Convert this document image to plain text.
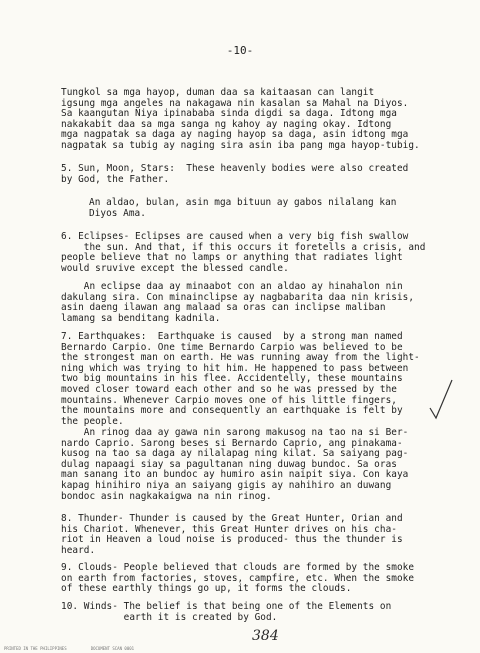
-10-
Tungkol sa mga hayop, duman daa sa kaitaasan can langit
igsung mga angeles na nakagawa nin kasalan sa Mahal na Diyos.
Sa kaangutan Niya ipinababa sinda digdi sa daga. Idtong mga
nakakabit daa sa mga sanga ng kahoy ay naging okay. Idtong
mga nagpatak sa daga ay naging hayop sa daga, asin idtong mga
nagpatak sa tubig ay naging sira asin iba pang mga hayop-tubig.
5. Sun, Moon, Stars:  These heavenly bodies were also created
by God, the Father.
An aldao, bulan, asin mga bituun ay gabos nilalang kan
Diyos Ama.
6. Eclipses- Eclipses are caused when a very big fish swallow
the sun. And that, if this occurs it foretells a crisis, and
people believe that no lamps or anything that radiates light
would sruvive except the blessed candle.
An eclipse daa ay minaabot con an aldao ay hinahalon nin
dakulang sira. Con minainclipse ay nagbabarita daa nin krisis,
asin daeng ilawan ang malaad sa oras can inclipse maliban
lamang sa benditang kadnila.
7. Earthquakes:  Earthquake is caused  by a strong man named
Bernardo Carpio. One time Bernardo Carpio was believed to be
the strongest man on earth. He was running away from the light-
ning which was trying to hit him. He happened to pass between
two big mountains in his flee. Accidentelly, these mountains
moved closer toward each other and so he was pressed by the
mountains. Whenever Carpio moves one of his little fingers,
the mountains more and consequently an earthquake is felt by
the people.
An rinog daa ay gawa nin sarong makusog na tao na si Ber-
nardo Caprio. Sarong beses si Bernardo Caprio, ang pinakama-
kusog na tao sa daga ay nilalapag ning kilat. Sa saiyang pag-
dulag napaagi siay sa pagultanan ning duwag bundoc. Sa oras
man sanang ito an bundoc ay humiro asin naipit siya. Con kaya
kapag hinihiro niya an saiyang gigis ay nahihiro an duwang
bondoc asin nagkakaigwa na nin rinog.
8. Thunder- Thunder is caused by the Great Hunter, Orian and
his Chariot. Whenever, this Great Hunter drives on his cha-
riot in Heaven a loud noise is produced- thus the thunder is
heard.
9. Clouds- People believed that clouds are formed by the smoke
on earth from factories, stoves, campfire, etc. When the smoke
of these earthly things go up, it forms the clouds.
10. Winds- The belief is that being one of the Elements on
earth it is created by God.
384
PRINTED IN THE PHILIPPINES          DOCUMENT SCAN 0001
